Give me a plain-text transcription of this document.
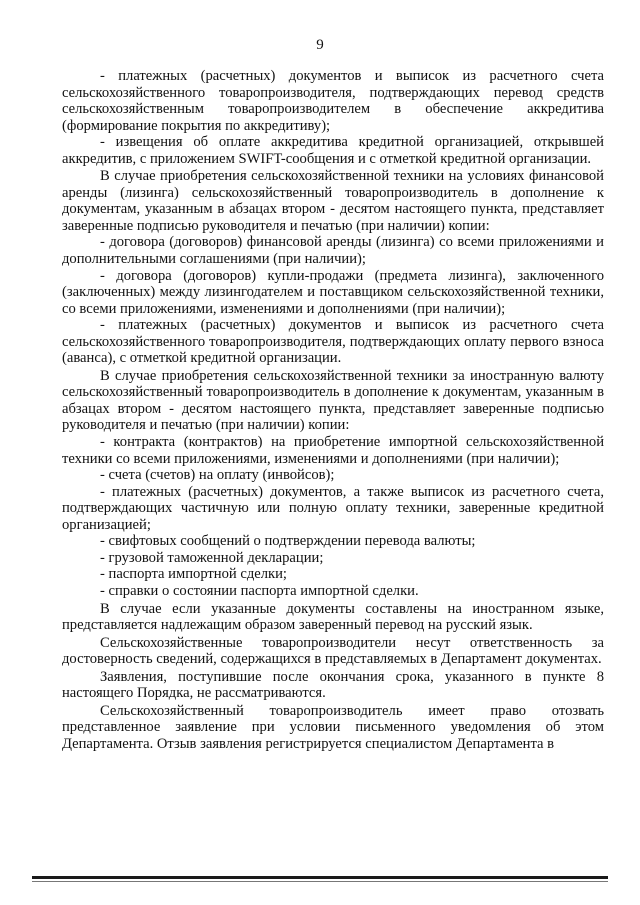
9

- платежных (расчетных) документов и выписок из расчетного счета сельскохозяйственного товаропроизводителя, подтверждающих перевод средств сельскохозяйственным товаропроизводителем в обеспечение аккредитива (формирование покрытия по аккредитиву);

- извещения об оплате аккредитива кредитной организацией, открывшей аккредитив, с приложением SWIFT-сообщения и с отметкой кредитной организации.

В случае приобретения сельскохозяйственной техники на условиях финансовой аренды (лизинга) сельскохозяйственный товаропроизводитель в дополнение к документам, указанным в абзацах втором - десятом настоящего пункта, представляет заверенные подписью руководителя и печатью (при наличии) копии:

- договора (договоров) финансовой аренды (лизинга) со всеми приложениями и дополнительными соглашениями (при наличии);

- договора (договоров) купли-продажи (предмета лизинга), заключенного (заключенных) между лизингодателем и поставщиком сельскохозяйственной техники, со всеми приложениями, изменениями и дополнениями (при наличии);

- платежных (расчетных) документов и выписок из расчетного счета сельскохозяйственного товаропроизводителя, подтверждающих оплату первого взноса (аванса), с отметкой кредитной организации.

В случае приобретения сельскохозяйственной техники за иностранную валюту сельскохозяйственный товаропроизводитель в дополнение к документам, указанным в абзацах втором - десятом настоящего пункта, представляет заверенные подписью руководителя и печатью (при наличии) копии:

- контракта (контрактов) на приобретение импортной сельскохозяйственной техники со всеми приложениями, изменениями и дополнениями (при наличии);

- счета (счетов) на оплату (инвойсов);

- платежных (расчетных) документов, а также выписок из расчетного счета, подтверждающих частичную или полную оплату техники, заверенные кредитной организацией;

- свифтовых сообщений о подтверждении перевода валюты;

- грузовой таможенной декларации;

- паспорта импортной сделки;

- справки о состоянии паспорта импортной сделки.

В случае если указанные документы составлены на иностранном языке, представляется надлежащим образом заверенный перевод на русский язык.

Сельскохозяйственные товаропроизводители несут ответственность за достоверность сведений, содержащихся в представляемых в Департамент документах.

Заявления, поступившие после окончания срока, указанного в пункте 8 настоящего Порядка, не рассматриваются.

Сельскохозяйственный товаропроизводитель имеет право отозвать представленное заявление при условии письменного уведомления об этом Департамента. Отзыв заявления регистрируется специалистом Департамента в
